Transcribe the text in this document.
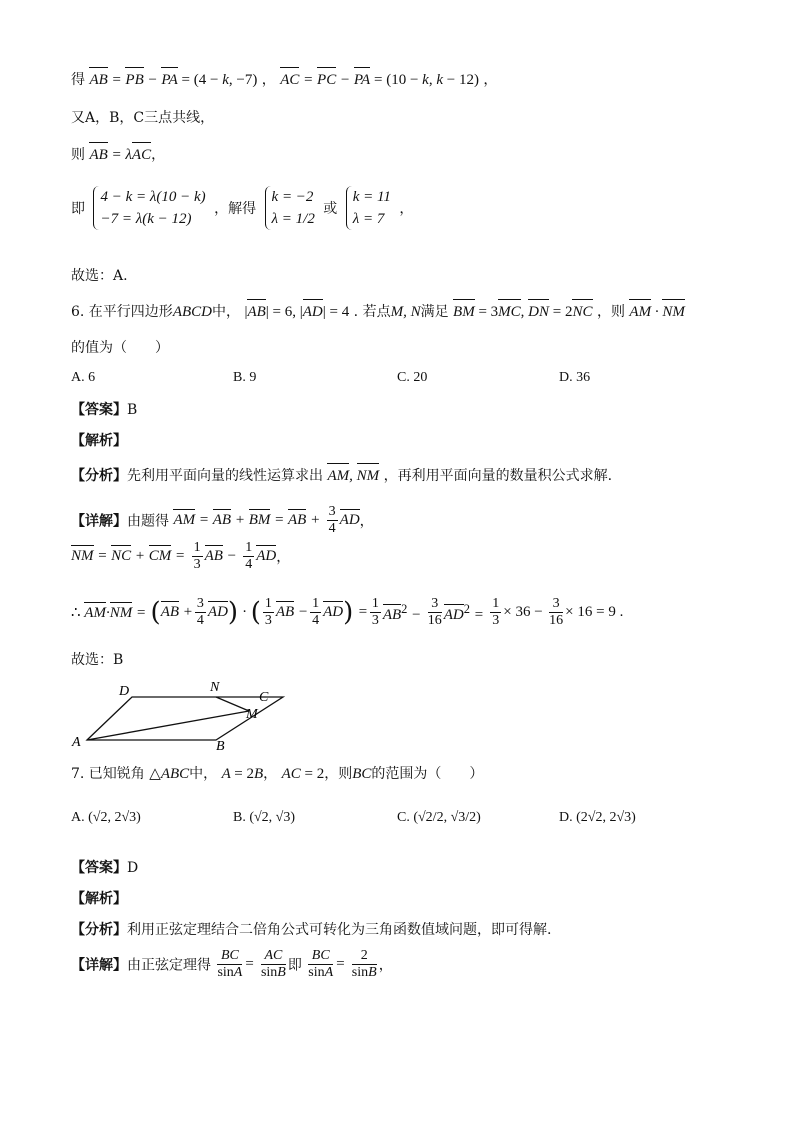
得 AB = PB − PA = (4 − k, −7) ， AC = PC − PA = (10 − k, k − 12) ，
又A，B，C三点共线，
则 AB = λAC，
即
4 − k = λ(10 − k)
−7 = λ(k − 12)
，解得
k = −2
λ = 1/2
或
k = 11
λ = 7
，
故选：A.
6. 在平行四边形ABCD中， |AB| = 6, |AD| = 4 . 若点M, N满足 BM = 3MC, DN = 2NC ，则 AM · NM
的值为（　　）
A. 6	B. 9	C. 20	D. 36
【答案】B
【解析】
【分析】先利用平面向量的线性运算求出 AM, NM ，再利用平面向量的数量积公式求解.
【详解】由题得 AM = AB + BM = AB + $\frac{3}{4}$ AD，
NM = NC + CM = $\frac{1}{3}$ AB − $\frac{1}{4}$ AD，
∴ $AM\cdot NM = (AB + \frac{3}{4} AD)$ · ( $\frac{1}{3}$ AB − $\frac{1}{4} AD) = \frac{1}{3} AB^2 - \frac{3}{16} AD^2 = \frac{1}{3} \times 36 - \frac{3}{16} \times 16 = 9$ .
故选：B
D	N
C
M
A	B
7. 已知锐角 △ABC中， A = 2B， AC = 2，则BC的范围为（　　）
A. (√2, 2√3)	B. (√2, √3)	C. (√2/2, √3/2)	D. (2√2, 2√3)
【答案】D
【解析】
【分析】利用正弦定理结合二倍角公式可转化为三角函数值域问题，即可得解.
【详解】由正弦定理得 $\frac{BC}{\sin A} = \frac{AC}{\sin B}$ 即 $\frac{BC}{\sin A} = \frac{2}{\sin B}$ ，
